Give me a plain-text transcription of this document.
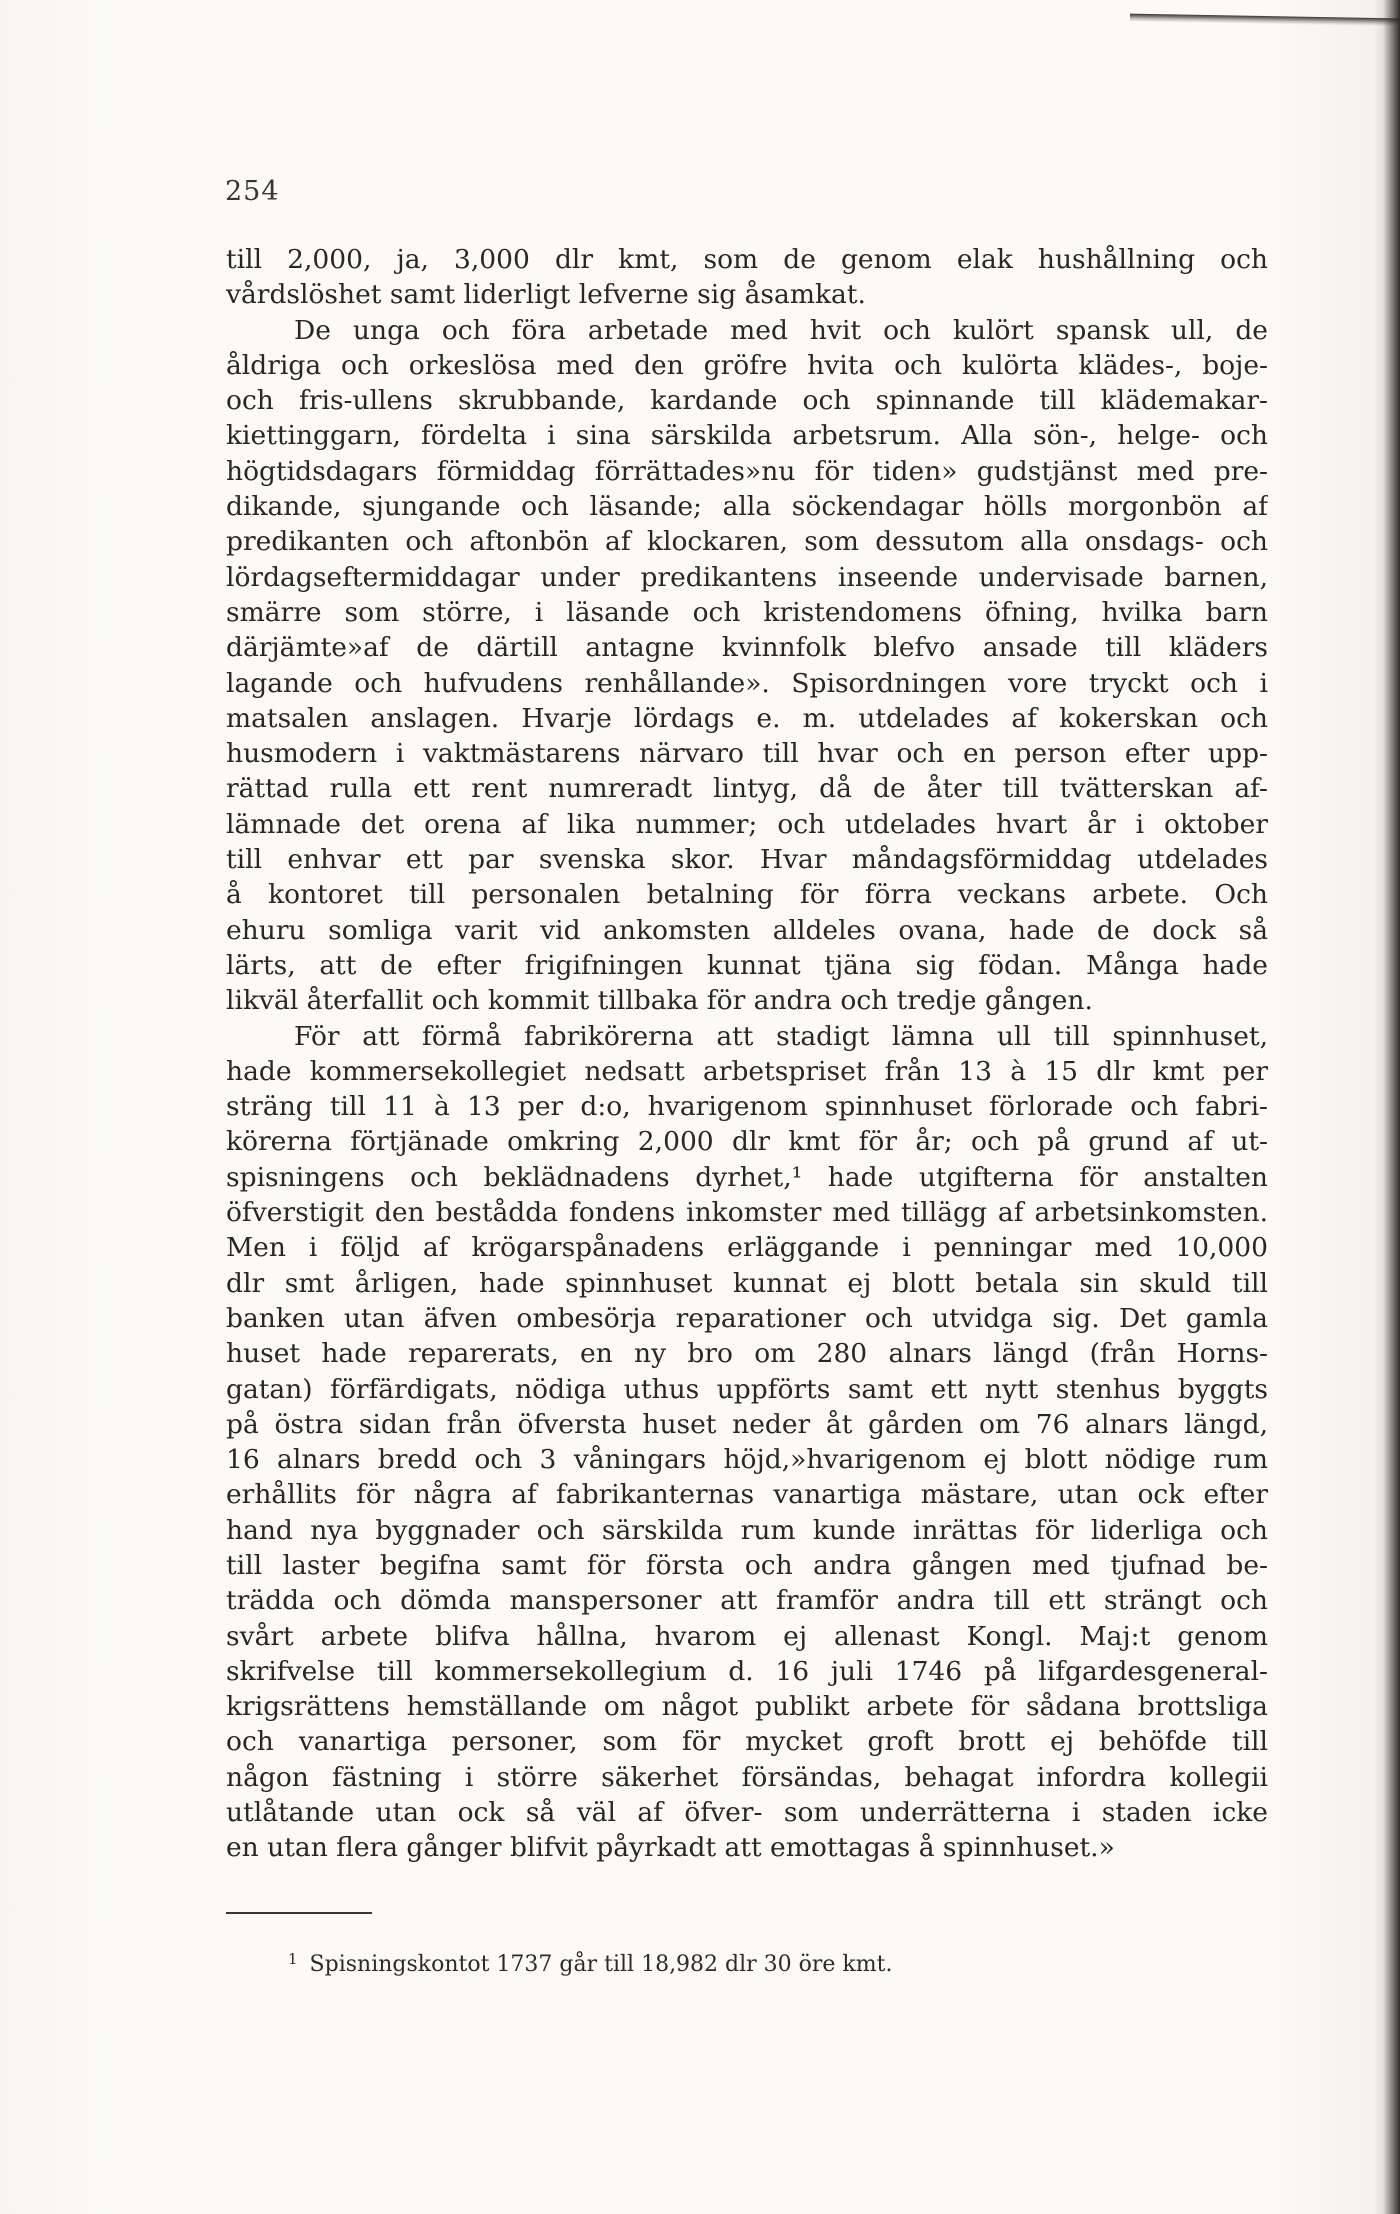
254
till 2,000, ja, 3,000 dlr kmt, som de genom elak hushållning och
vårdslöshet samt liderligt lefverne sig åsamkat.
De unga och föra arbetade med hvit och kulört spansk ull, de
åldriga och orkeslösa med den gröfre hvita och kulörta klädes-, boje-
och fris-ullens skrubbande, kardande och spinnande till klädemakar-
kiettinggarn, fördelta i sina särskilda arbetsrum. Alla sön-, helge- och
högtidsdagars förmiddag förrättades»nu för tiden» gudstjänst med pre-
dikande, sjungande och läsande; alla söckendagar hölls morgonbön af
predikanten och aftonbön af klockaren, som dessutom alla onsdags- och
lördagseftermiddagar under predikantens inseende undervisade barnen,
smärre som större, i läsande och kristendomens öfning, hvilka barn
därjämte»af de därtill antagne kvinnfolk blefvo ansade till kläders
lagande och hufvudens renhållande». Spisordningen vore tryckt och i
matsalen anslagen. Hvarje lördags e. m. utdelades af kokerskan och
husmodern i vaktmästarens närvaro till hvar och en person efter upp-
rättad rulla ett rent numreradt lintyg, då de åter till tvätterskan af-
lämnade det orena af lika nummer; och utdelades hvart år i oktober
till enhvar ett par svenska skor. Hvar måndagsförmiddag utdelades
å kontoret till personalen betalning för förra veckans arbete. Och
ehuru somliga varit vid ankomsten alldeles ovana, hade de dock så
lärts, att de efter frigifningen kunnat tjäna sig födan. Många hade
likväl återfallit och kommit tillbaka för andra och tredje gången.
För att förmå fabrikörerna att stadigt lämna ull till spinnhuset,
hade kommersekollegiet nedsatt arbetspriset från 13 à 15 dlr kmt per
sträng till 11 à 13 per d:o, hvarigenom spinnhuset förlorade och fabri-
körerna förtjänade omkring 2,000 dlr kmt för år; och på grund af ut-
spisningens och beklädnadens dyrhet,¹ hade utgifterna för anstalten
öfverstigit den bestådda fondens inkomster med tillägg af arbetsinkomsten.
Men i följd af krögarspånadens erläggande i penningar med 10,000
dlr smt årligen, hade spinnhuset kunnat ej blott betala sin skuld till
banken utan äfven ombesörja reparationer och utvidga sig. Det gamla
huset hade reparerats, en ny bro om 280 alnars längd (från Horns-
gatan) förfärdigats, nödiga uthus uppförts samt ett nytt stenhus byggts
på östra sidan från öfversta huset neder åt gården om 76 alnars längd,
16 alnars bredd och 3 våningars höjd,»hvarigenom ej blott nödige rum
erhållits för några af fabrikanternas vanartiga mästare, utan ock efter
hand nya byggnader och särskilda rum kunde inrättas för liderliga och
till laster begifna samt för första och andra gången med tjufnad be-
trädda och dömda manspersoner att framför andra till ett strängt och
svårt arbete blifva hållna, hvarom ej allenast Kongl. Maj:t genom
skrifvelse till kommersekollegium d. 16 juli 1746 på lifgardesgeneral-
krigsrättens hemställande om något publikt arbete för sådana brottsliga
och vanartiga personer, som för mycket groft brott ej behöfde till
någon fästning i större säkerhet försändas, behagat infordra kollegii
utlåtande utan ock så väl af öfver- som underrätterna i staden icke
en utan flera gånger blifvit påyrkadt att emottagas å spinnhuset.»
$^1$ Spisningskontot 1737 går till 18,982 dlr 30 öre kmt.
